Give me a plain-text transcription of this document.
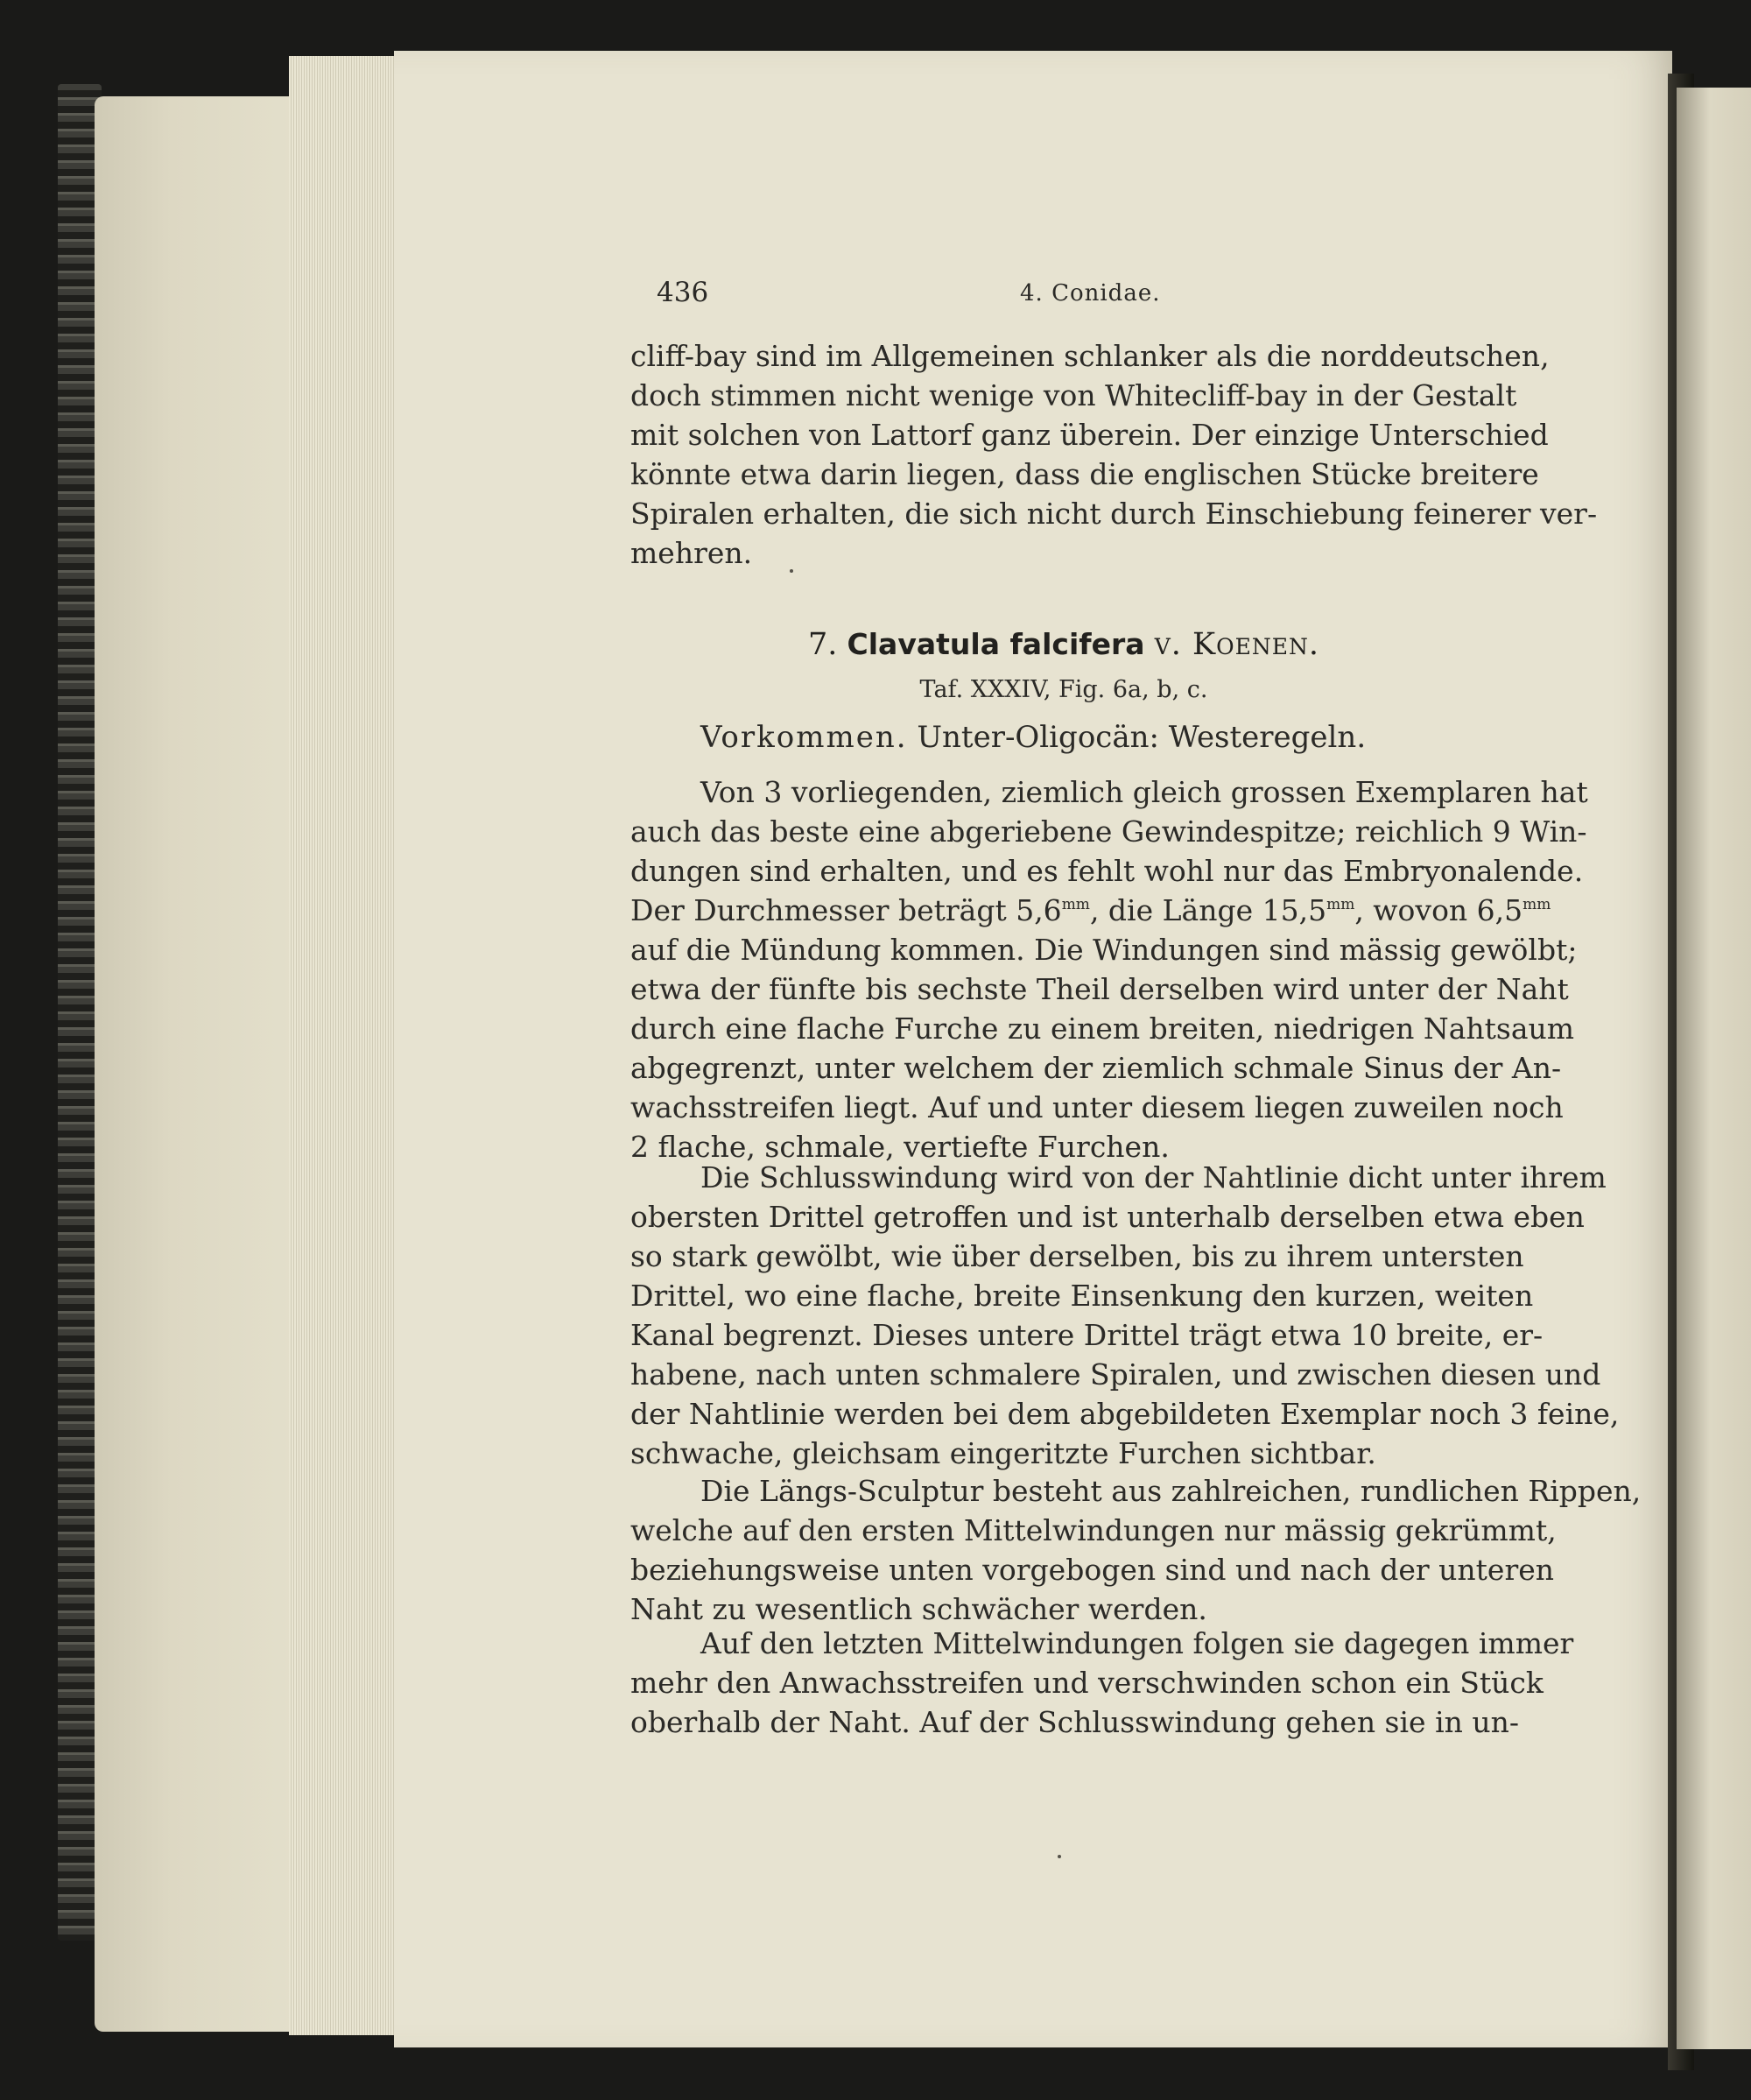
436	4. Conidae.
cliff-bay sind im Allgemeinen schlanker als die norddeutschen,
doch stimmen nicht wenige von Whitecliff-bay in der Gestalt
mit solchen von Lattorf ganz überein. Der einzige Unterschied
könnte etwa darin liegen, dass die englischen Stücke breitere
Spiralen erhalten, die sich nicht durch Einschiebung feinerer ver-
mehren.
7. Clavatula falcifera v. Koenen.
Taf. XXXIV, Fig. 6a, b, c.
Vorkommen. Unter-Oligocän: Westeregeln.
Von 3 vorliegenden, ziemlich gleich grossen Exemplaren hat
auch das beste eine abgeriebene Gewindespitze; reichlich 9 Win-
dungen sind erhalten, und es fehlt wohl nur das Embryonalende.
Der Durchmesser beträgt $5,6^{mm}$, die Länge $15,5^{mm}$, wovon $6,5^{mm}$
auf die Mündung kommen. Die Windungen sind mässig gewölbt;
etwa der fünfte bis sechste Theil derselben wird unter der Naht
durch eine flache Furche zu einem breiten, niedrigen Nahtsaum
abgegrenzt, unter welchem der ziemlich schmale Sinus der An-
wachsstreifen liegt. Auf und unter diesem liegen zuweilen noch
2 flache, schmale, vertiefte Furchen.
Die Schlusswindung wird von der Nahtlinie dicht unter ihrem
obersten Drittel getroffen und ist unterhalb derselben etwa eben
so stark gewölbt, wie über derselben, bis zu ihrem untersten
Drittel, wo eine flache, breite Einsenkung den kurzen, weiten
Kanal begrenzt. Dieses untere Drittel trägt etwa 10 breite, er-
habene, nach unten schmalere Spiralen, und zwischen diesen und
der Nahtlinie werden bei dem abgebildeten Exemplar noch 3 feine,
schwache, gleichsam eingeritzte Furchen sichtbar.
Die Längs-Sculptur besteht aus zahlreichen, rundlichen Rippen,
welche auf den ersten Mittelwindungen nur mässig gekrümmt,
beziehungsweise unten vorgebogen sind und nach der unteren
Naht zu wesentlich schwächer werden.
Auf den letzten Mittelwindungen folgen sie dagegen immer
mehr den Anwachsstreifen und verschwinden schon ein Stück
oberhalb der Naht. Auf der Schlusswindung gehen sie in un-
